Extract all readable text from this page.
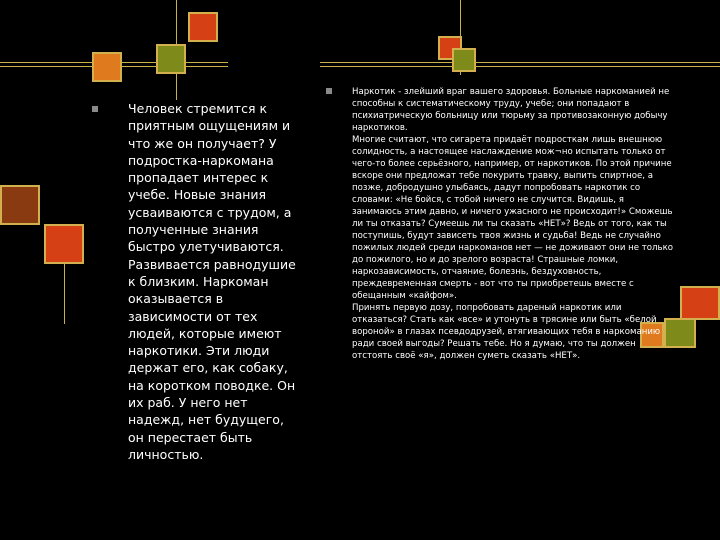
Человек стремится к приятным ощущениям и что же он получает? У подростка-наркомана пропадает интерес к учебе. Новые знания усваиваются с трудом, а полученные знания быстро улетучиваются. Развивается равнодушие к близким. Наркоман оказывается в зависимости от тех людей, которые имеют наркотики. Эти люди держат его, как собаку, на коротком поводке. Он их раб. У него нет надежд, нет будущего, он перестает быть личностью.
Наркотик - злейший враг вашего здоровья. Больные наркоманией не способны к систематическому труду, учебе; они попадают в психиатрическую больницу или тюрьму за противозаконную добычу наркотиков.
Многие считают, что сигарета придаёт подросткам лишь внешнюю солидность, а настоящее наслаждение мож¬но испытать только от чего-то более серьёзного, например, от наркотиков. По этой причине вскоре они предложат тебе покурить травку, выпить спиртное, а позже, добродушно улыбаясь, дадут попробовать наркотик со словами: «Не бойся, с тобой ничего не случится. Видишь, я занимаюсь этим давно, и ничего ужасного не происходит!» Сможешь ли ты отказать? Сумеешь ли ты сказать «НЕТ»? Ведь от того, как ты поступишь, будут зависеть твоя жизнь и судьба! Ведь не случайно пожилых людей среди наркоманов нет — не доживают они не только до пожилого, но и до зрелого возраста! Страшные ломки, наркозависимость, отчаяние, болезнь, бездуховность, преждевременная смерть - вот что ты приобретешь вместе с обещанным «кайфом».
Принять первую дозу, попробовать дареный наркотик или отказаться? Стать как «все» и утонуть в трясине или быть «белой вороной» в глазах псевдодрузей, втягивающих тебя в наркоманию ради своей выгоды? Решать тебе. Но я думаю, что ты должен отстоять своё «я», должен суметь сказать «НЕТ».
